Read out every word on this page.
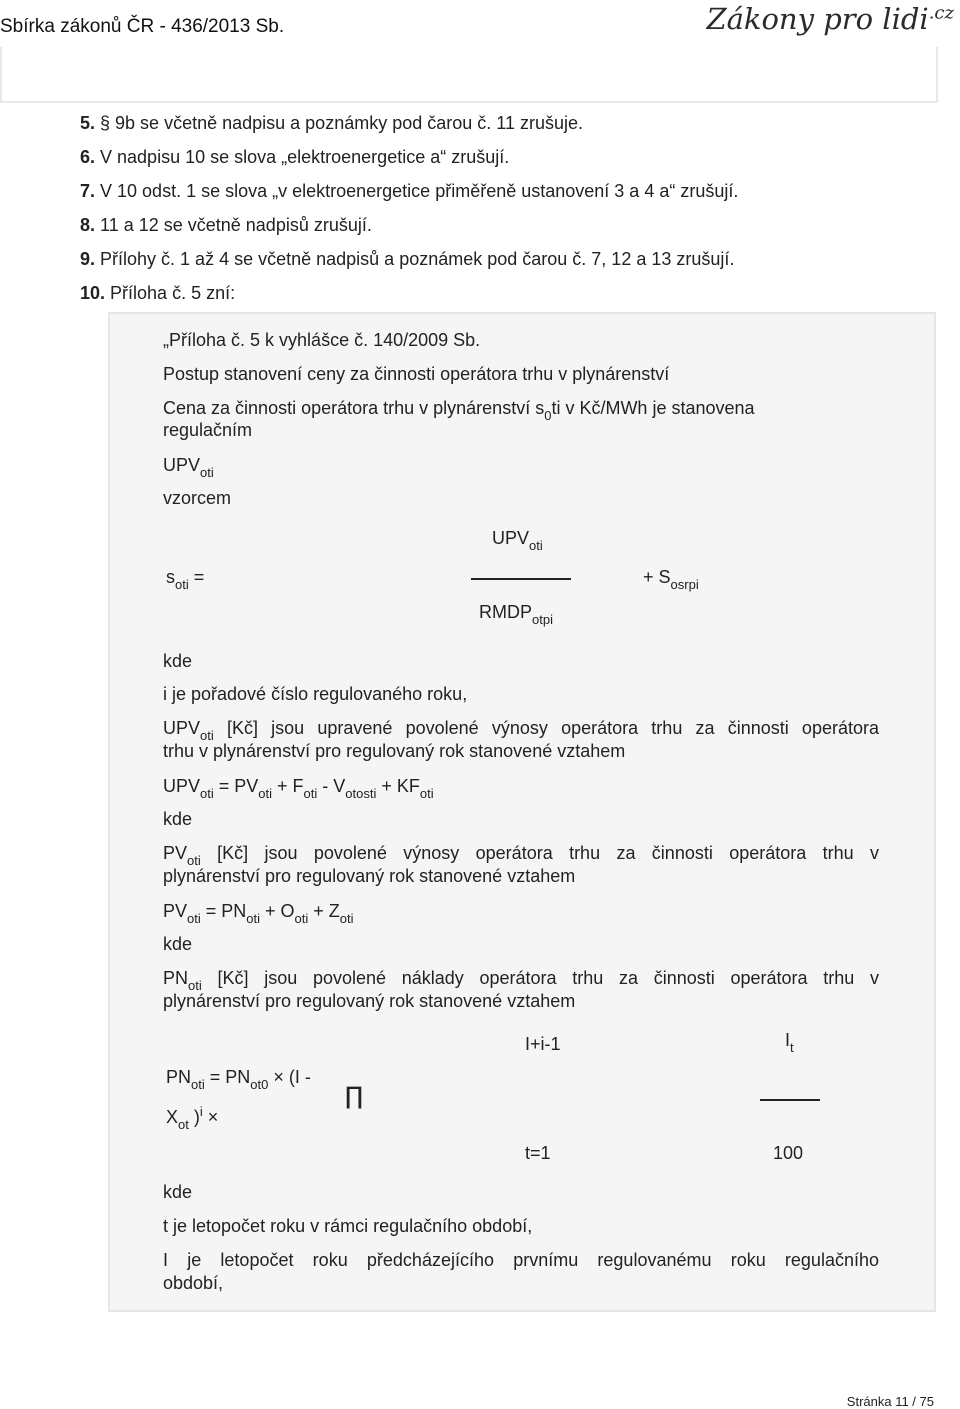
Sbírka zákonů ČR - 436/2013 Sb.	Zákony pro lidi$^{.cz}$
5. § 9b se včetně nadpisu a poznámky pod čarou č. 11 zrušuje.
6. V nadpisu 10 se slova „elektroenergetice a“ zrušují.
7. V 10 odst. 1 se slova „v elektroenergetice přiměřeně ustanovení 3 a 4 a“ zrušují.
8. 11 a 12 se včetně nadpisů zrušují.
9. Přílohy č. 1 až 4 se včetně nadpisů a poznámek pod čarou č. 7, 12 a 13 zrušují.
10. Příloha č. 5 zní:
„Příloha č. 5 k vyhlášce č. 140/2009 Sb.
Postup stanovení ceny za činnosti operátora trhu v plynárenství
Cena za činnosti operátora trhu v plynárenství $s_0ti$ v Kč/MWh je stanovena
regulačním
$UPV_{oti}$
vzorcem
$UPV_{oti}$
$s_{oti}$ =	+ $S_{osrpi}$
$RMDP_{otpi}$
kde
i je pořadové číslo regulovaného roku,
$UPV_{oti}$ [Kč] jsou upravené povolené výnosy operátora trhu za činnosti operátora
trhu v plynárenství pro regulovaný rok stanovené vztahem
$UPV_{oti} = PV_{oti} + F_{oti} - V_{otosti} + KF_{oti}$
kde
$PV_{oti}$ [Kč] jsou povolené výnosy operátora trhu za činnosti operátora trhu v
plynárenství pro regulovaný rok stanovené vztahem
$PV_{oti} = PN_{oti} + O_{oti} + Z_{oti}$
kde
$PN_{oti}$ [Kč] jsou povolené náklady operátora trhu za činnosti operátora trhu v
plynárenství pro regulovaný rok stanovené vztahem
I+i-1	$I_t$
$PN_{oti} = PN_{ot0} \times (I$ -
∏
$X_{ot}$ )$^i$ ×
t=1	100
kde
t je letopočet roku v rámci regulačního období,
I je letopočet roku předcházejícího prvnímu regulovanému roku regulačního
období,
Stránka 11 / 75
